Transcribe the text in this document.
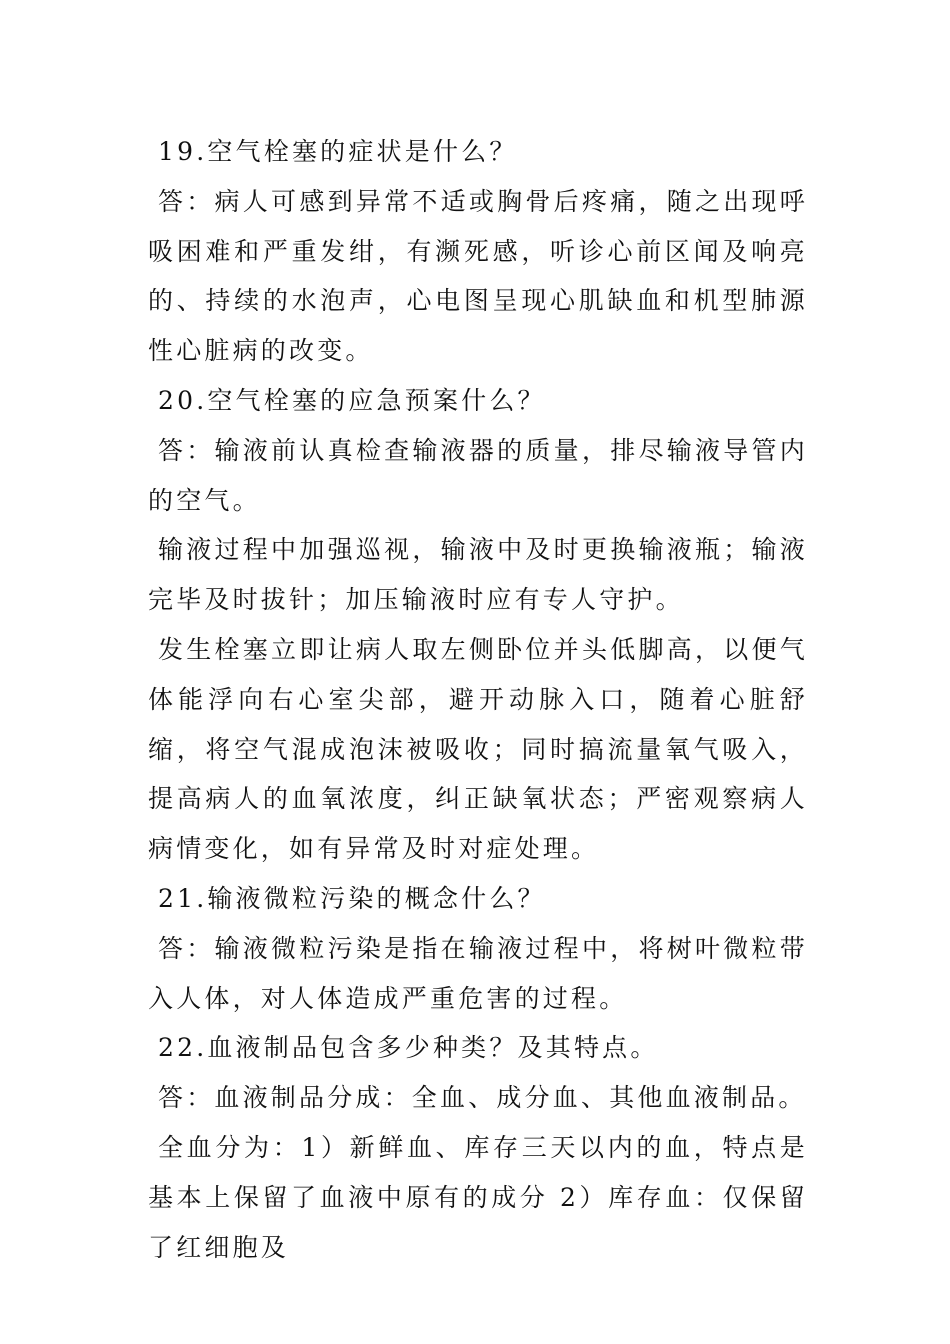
19.空气栓塞的症状是什么？

答：病人可感到异常不适或胸骨后疼痛，随之出现呼吸困难和严重发绀，有濒死感，听诊心前区闻及响亮的、持续的水泡声，心电图呈现心肌缺血和机型肺源性心脏病的改变。

20.空气栓塞的应急预案什么？

答：输液前认真检查输液器的质量，排尽输液导管内的空气。

输液过程中加强巡视，输液中及时更换输液瓶；输液完毕及时拔针；加压输液时应有专人守护。

发生栓塞立即让病人取左侧卧位并头低脚高，以便气体能浮向右心室尖部，避开动脉入口，随着心脏舒缩，将空气混成泡沫被吸收；同时搞流量氧气吸入，提高病人的血氧浓度，纠正缺氧状态；严密观察病人病情变化，如有异常及时对症处理。

21.输液微粒污染的概念什么？

答：输液微粒污染是指在输液过程中，将树叶微粒带入人体，对人体造成严重危害的过程。

22.血液制品包含多少种类？及其特点。

答：血液制品分成：全血、成分血、其他血液制品。

全血分为：1）新鲜血、库存三天以内的血，特点是基本上保留了血液中原有的成分 2）库存血：仅保留了红细胞及
